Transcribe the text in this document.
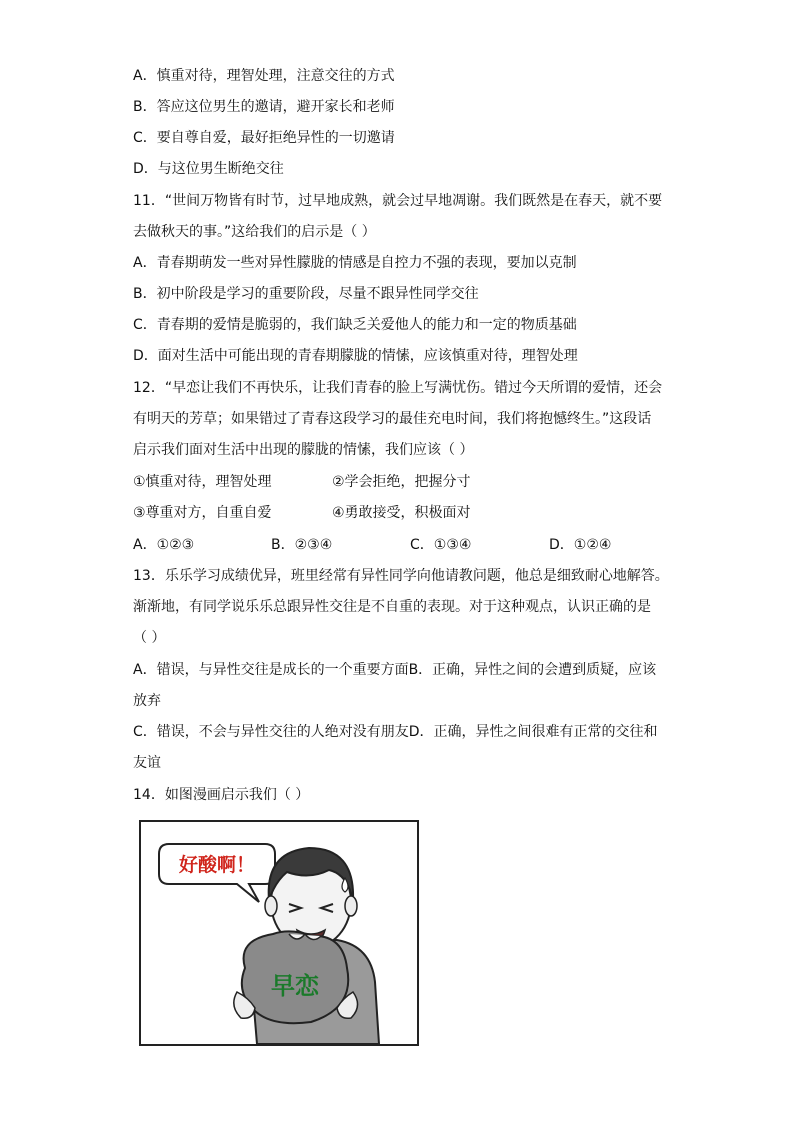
A．慎重对待，理智处理，注意交往的方式
B．答应这位男生的邀请，避开家长和老师
C．要自尊自爱，最好拒绝异性的一切邀请
D．与这位男生断绝交往
11．“世间万物皆有时节，过早地成熟，就会过早地凋谢。我们既然是在春天，就不要
去做秋天的事。”这给我们的启示是（ ）
A．青春期萌发一些对异性朦胧的情感是自控力不强的表现，要加以克制
B．初中阶段是学习的重要阶段，尽量不跟异性同学交往
C．青春期的爱情是脆弱的，我们缺乏关爱他人的能力和一定的物质基础
D．面对生活中可能出现的青春期朦胧的情愫，应该慎重对待，理智处理
12．“早恋让我们不再快乐，让我们青春的脸上写满忧伤。错过今天所谓的爱情，还会
有明天的芳草；如果错过了青春这段学习的最佳充电时间，我们将抱憾终生。”这段话
启示我们面对生活中出现的朦胧的情愫，我们应该（ ）
①慎重对待，理智处理	②学会拒绝，把握分寸
③尊重对方，自重自爱	④勇敢接受，积极面对
A．①②③	B．②③④	C．①③④	D．①②④
13．乐乐学习成绩优异，班里经常有异性同学向他请教问题，他总是细致耐心地解答。
渐渐地，有同学说乐乐总跟异性交往是不自重的表现。对于这种观点，认识正确的是
（ ）
A．错误，与异性交往是成长的一个重要方面B．正确，异性之间的会遭到质疑，应该
放弃
C．错误，不会与异性交往的人绝对没有朋友D．正确，异性之间很难有正常的交往和
友谊
14．如图漫画启示我们（ ）
好酸啊！
早恋
